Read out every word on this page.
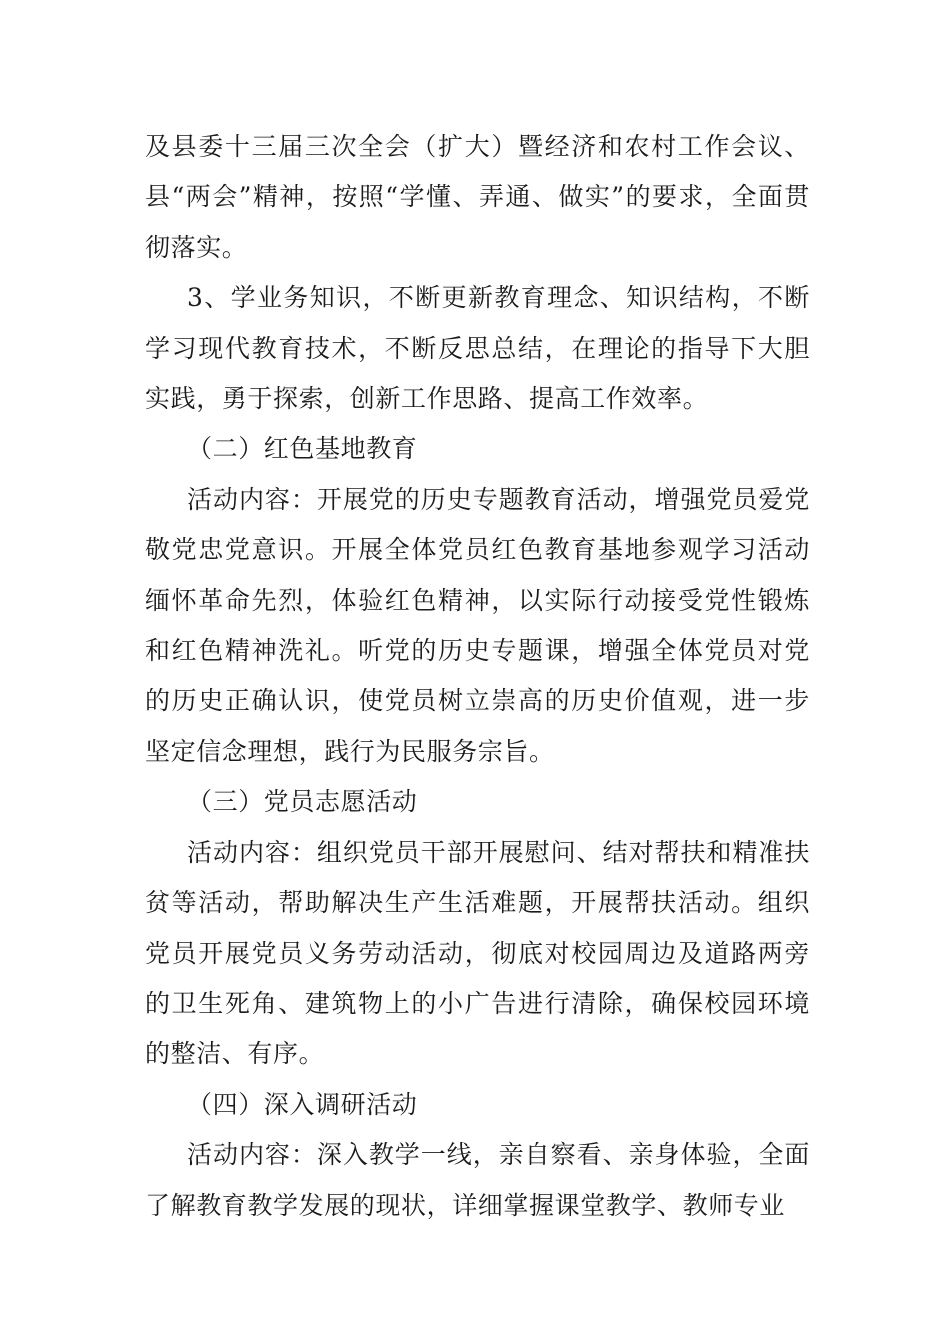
及县委十三届三次全会（扩大）暨经济和农村工作会议、县“两会”精神，按照“学懂、弄通、做实”的要求，全面贯彻落实。

3、学业务知识，不断更新教育理念、知识结构，不断学习现代教育技术，不断反思总结，在理论的指导下大胆实践，勇于探索，创新工作思路、提高工作效率。

（二）红色基地教育

活动内容：开展党的历史专题教育活动，增强党员爱党敬党忠党意识。开展全体党员红色教育基地参观学习活动缅怀革命先烈，体验红色精神，以实际行动接受党性锻炼和红色精神洗礼。听党的历史专题课，增强全体党员对党的历史正确认识，使党员树立崇高的历史价值观，进一步坚定信念理想，践行为民服务宗旨。

（三）党员志愿活动

活动内容：组织党员干部开展慰问、结对帮扶和精准扶贫等活动，帮助解决生产生活难题，开展帮扶活动。组织党员开展党员义务劳动活动，彻底对校园周边及道路两旁的卫生死角、建筑物上的小广告进行清除，确保校园环境的整洁、有序。

（四）深入调研活动

活动内容：深入教学一线，亲自察看、亲身体验，全面了解教育教学发展的现状，详细掌握课堂教学、教师专业
